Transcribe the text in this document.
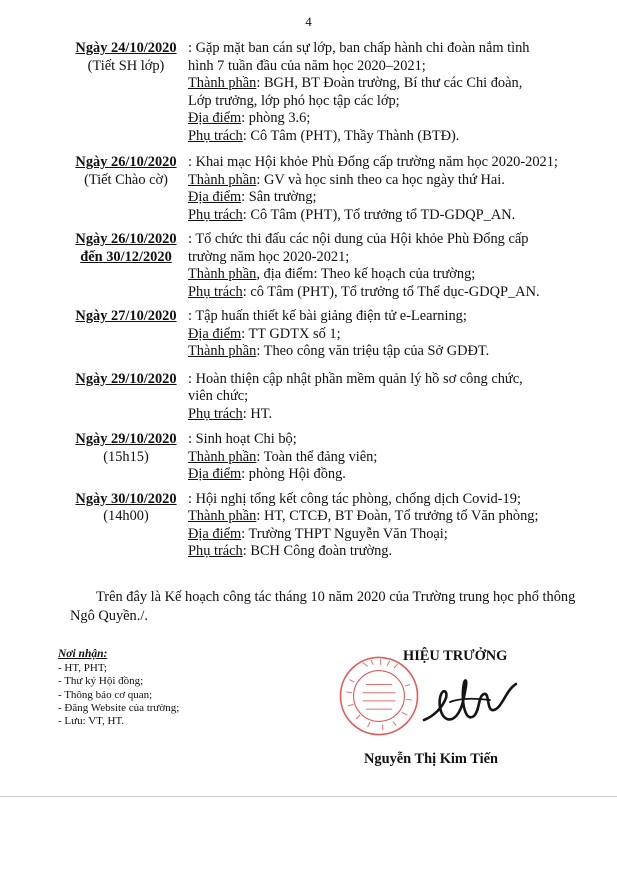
4
Ngày 24/10/2020
(Tiết SH lớp)
: Gặp mặt ban cán sự lớp, ban chấp hành chi đoàn nắm tình
hình 7 tuần đầu của năm học 2020–2021;
Thành phần: BGH, BT Đoàn trường, Bí thư các Chi đoàn,
Lớp trưởng, lớp phó học tập các lớp;
Địa điểm: phòng 3.6;
Phụ trách: Cô Tâm (PHT), Thầy Thành (BTĐ).
Ngày 26/10/2020
(Tiết Chào cờ)
: Khai mạc Hội khỏe Phù Đổng cấp trường năm học 2020-2021;
Thành phần: GV và học sinh theo ca học ngày thứ Hai.
Địa điểm: Sân trường;
Phụ trách: Cô Tâm (PHT), Tổ trưởng tổ TD-GDQP_AN.
Ngày 26/10/2020
đến 30/12/2020
: Tổ chức thi đấu các nội dung của Hội khỏe Phù Đổng cấp
trường năm học 2020-2021;
Thành phần, địa điểm: Theo kế hoạch của trường;
Phụ trách: cô Tâm (PHT), Tổ trưởng tổ Thể dục-GDQP_AN.
Ngày 27/10/2020 : Tập huấn thiết kế bài giảng điện tử e-Learning;
Địa điểm: TT GDTX số 1;
Thành phần: Theo công văn triệu tập của Sở GDĐT.
Ngày 29/10/2020 : Hoàn thiện cập nhật phần mềm quản lý hồ sơ công chức,
viên chức;
Phụ trách: HT.
Ngày 29/10/2020
(15h15)
: Sinh hoạt Chi bộ;
Thành phần: Toàn thể đảng viên;
Địa điểm: phòng Hội đồng.
Ngày 30/10/2020
(14h00)
: Hội nghị tổng kết công tác phòng, chống dịch Covid-19;
Thành phần: HT, CTCĐ, BT Đoàn, Tổ trưởng tổ Văn phòng;
Địa điểm: Trường THPT Nguyễn Văn Thoại;
Phụ trách: BCH Công đoàn trường.
Trên đây là Kế hoạch công tác tháng 10 năm 2020 của Trường trung học phổ thông Ngô Quyền./.
Nơi nhận:
- HT, PHT;
- Thư ký Hội đồng;
- Thông báo cơ quan;
- Đăng Website của trường;
- Lưu: VT, HT.
HIỆU TRƯỞNG
Nguyễn Thị Kim Tiến
